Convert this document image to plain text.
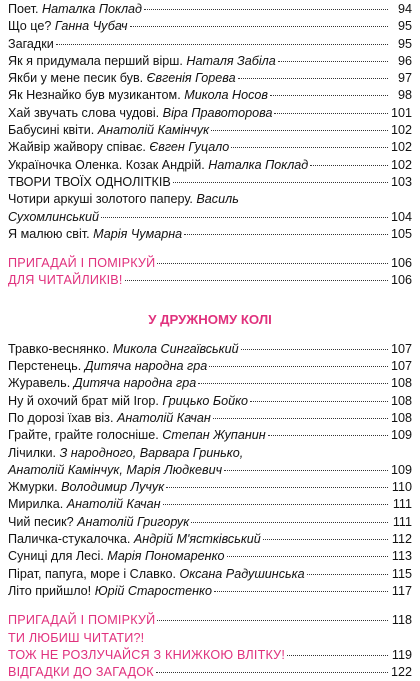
Поет. Наталка Поклад	94
Що це? Ганна Чубач	95
Загадки	95
Як я придумала перший вірш. Наталя Забіла	96
Якби у мене песик був. Євгенія Горева	97
Як Незнайко був музикантом. Микола Носов	98
Хай звучать слова чудові. Віра Правоторова	101
Бабусині квіти. Анатолій Камінчук	102
Жайвір жайвору співає. Євген Гуцало	102
Україночка Оленка. Козак Андрій. Наталка Поклад	102
ТВОРИ ТВОЇХ ОДНОЛІТКІВ	103
Чотири аркуші золотого паперу. Василь
Сухомлинський	104
Я малюю світ. Марія Чумарна	105
ПРИГАДАЙ І ПОМІРКУЙ	106
ДЛЯ ЧИТАЙЛИКІВ!	106
У ДРУЖНОМУ КОЛІ
Травко-веснянко. Микола Сингаївський	107
Перстенець. Дитяча народна гра	107
Журавель. Дитяча народна гра	108
Ну й охочий брат мій Ігор. Грицько Бойко	108
По дорозі їхав віз. Анатолій Качан	108
Грайте, грайте голосніше. Степан Жупанин	109
Лічилки. З народного, Варвара Гринько,
Анатолій Камінчук, Марія Людкевич	109
Жмурки. Володимир Лучук	110
Мирилка. Анатолій Качан	111
Чий песик? Анатолій Григорук	111
Паличка-стукалочка. Андрій М'ястківський	112
Суниці для Лесі. Марія Пономаренко	113
Пірат, папуга, море і Славко. Оксана Радушинська	115
Літо прийшло! Юрій Старостенко	117
ПРИГАДАЙ І ПОМІРКУЙ	118
ТИ ЛЮБИШ ЧИТАТИ?!
ТОЖ НЕ РОЗЛУЧАЙСЯ З КНИЖКОЮ ВЛІТКУ!	119
ВІДГАДКИ ДО ЗАГАДОК	122
